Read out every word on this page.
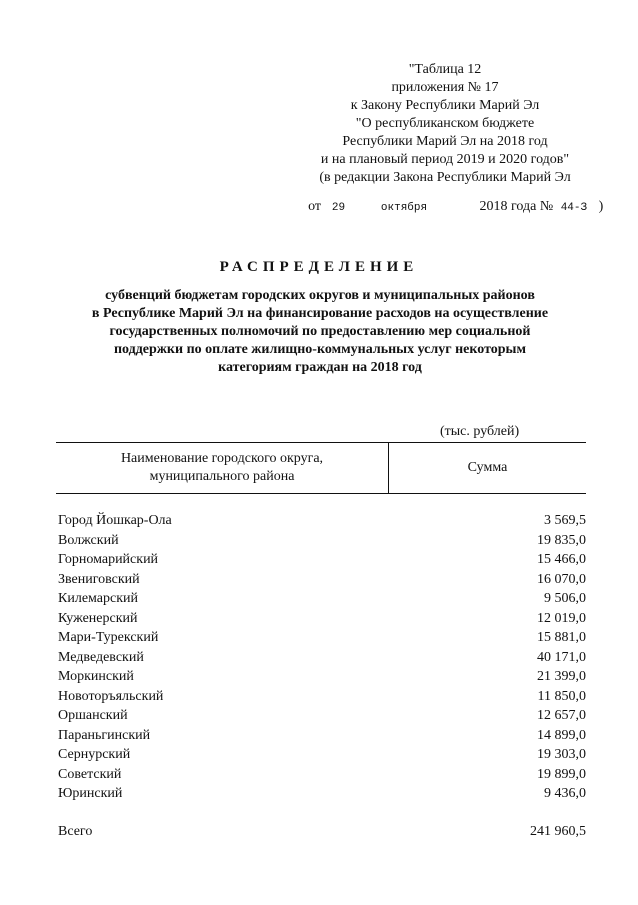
"Таблица 12
приложения № 17
к Закону Республики Марий Эл
"О республиканском бюджете
Республики Марий Эл на 2018 год
и на плановый период 2019 и 2020 годов"
(в редакции Закона Республики Марий Эл
от 29	октября	2018 года № 44-З )
РАСПРЕДЕЛЕНИЕ
субвенций бюджетам городских округов и муниципальных районов
в Республике Марий Эл на финансирование расходов на осуществление
государственных полномочий по предоставлению мер социальной
поддержки по оплате жилищно-коммунальных услуг некоторым
категориям граждан на 2018 год
(тыс. рублей)
Наименование городского округа,
муниципального района
Сумма
Город Йошкар-Ола	3 569,5
Волжский	19 835,0
Горномарийский	15 466,0
Звениговский	16 070,0
Килемарский	9 506,0
Куженерский	12 019,0
Мари-Турекский	15 881,0
Медведевский	40 171,0
Моркинский	21 399,0
Новоторъяльский	11 850,0
Оршанский	12 657,0
Параньгинский	14 899,0
Сернурский	19 303,0
Советский	19 899,0
Юринский	9 436,0
Всего	241 960,5
